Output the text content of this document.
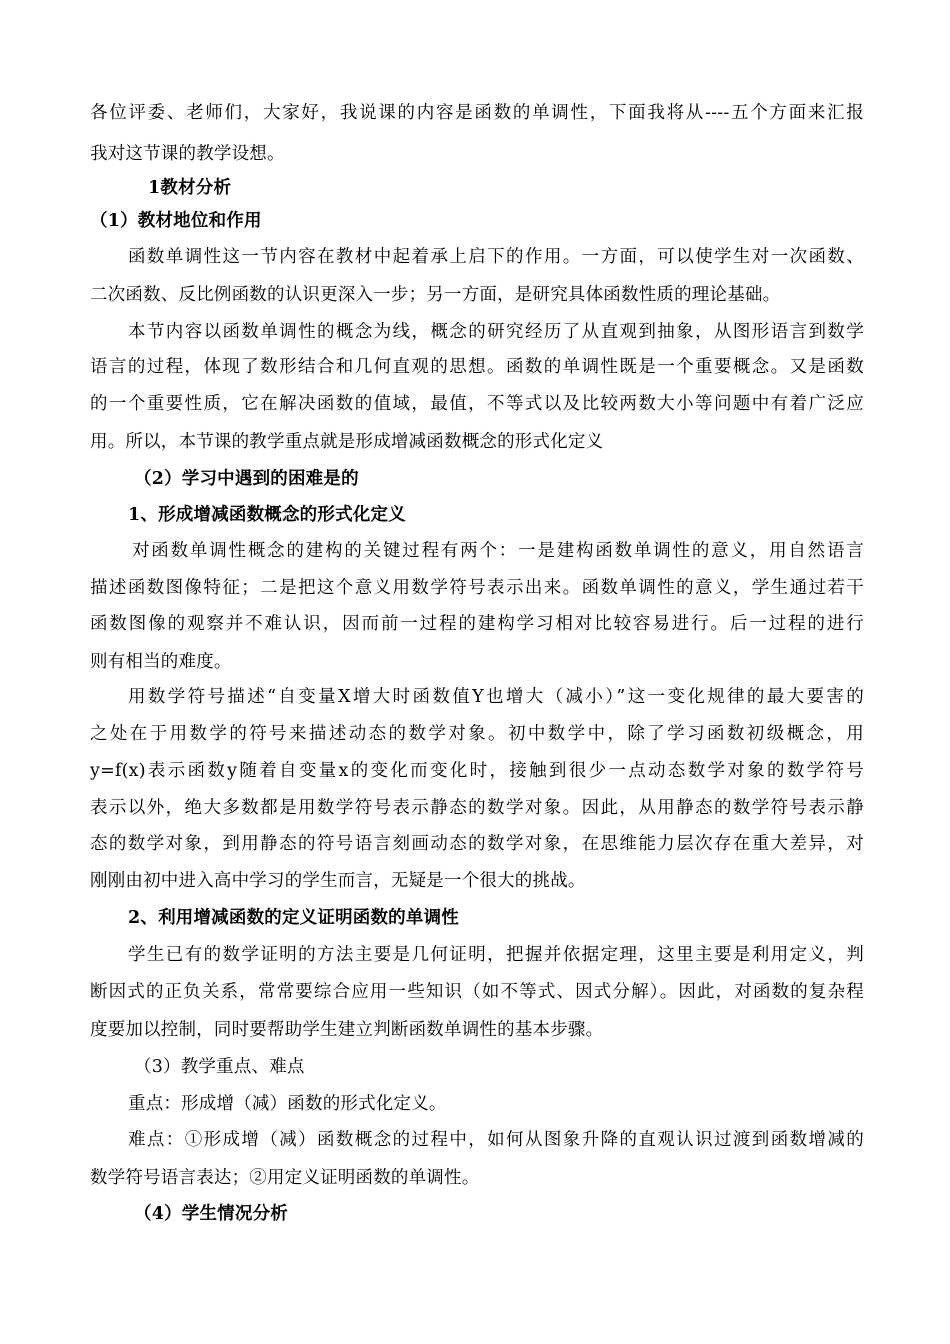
各位评委、老师们，大家好，我说课的内容是函数的单调性，下面我将从----五个方面来汇报
我对这节课的教学设想。
1教材分析
（1）教材地位和作用
函数单调性这一节内容在教材中起着承上启下的作用。一方面，可以使学生对一次函数、
二次函数、反比例函数的认识更深入一步；另一方面，是研究具体函数性质的理论基础。
本节内容以函数单调性的概念为线，概念的研究经历了从直观到抽象，从图形语言到数学
语言的过程，体现了数形结合和几何直观的思想。函数的单调性既是一个重要概念。又是函数
的一个重要性质，它在解决函数的值域，最值，不等式以及比较两数大小等问题中有着广泛应
用。所以，本节课的教学重点就是形成增减函数概念的形式化定义
（2）学习中遇到的困难是的
1、形成增减函数概念的形式化定义
对函数单调性概念的建构的关键过程有两个：一是建构函数单调性的意义，用自然语言
描述函数图像特征；二是把这个意义用数学符号表示出来。函数单调性的意义，学生通过若干
函数图像的观察并不难认识，因而前一过程的建构学习相对比较容易进行。后一过程的进行
则有相当的难度。
用数学符号描述“自变量X增大时函数值Y也增大（减小）”这一变化规律的最大要害的
之处在于用数学的符号来描述动态的数学对象。初中数学中，除了学习函数初级概念，用
y=f(x)表示函数y随着自变量x的变化而变化时，接触到很少一点动态数学对象的数学符号
表示以外，绝大多数都是用数学符号表示静态的数学对象。因此，从用静态的数学符号表示静
态的数学对象，到用静态的符号语言刻画动态的数学对象，在思维能力层次存在重大差异，对
刚刚由初中进入高中学习的学生而言，无疑是一个很大的挑战。
2、利用增减函数的定义证明函数的单调性
学生已有的数学证明的方法主要是几何证明，把握并依据定理，这里主要是利用定义，判
断因式的正负关系，常常要综合应用一些知识（如不等式、因式分解）。因此，对函数的复杂程
度要加以控制，同时要帮助学生建立判断函数单调性的基本步骤。
（3）教学重点、难点
重点：形成增（减）函数的形式化定义。
难点：①形成增（减）函数概念的过程中，如何从图象升降的直观认识过渡到函数增减的
数学符号语言表达；②用定义证明函数的单调性。
（4）学生情况分析
